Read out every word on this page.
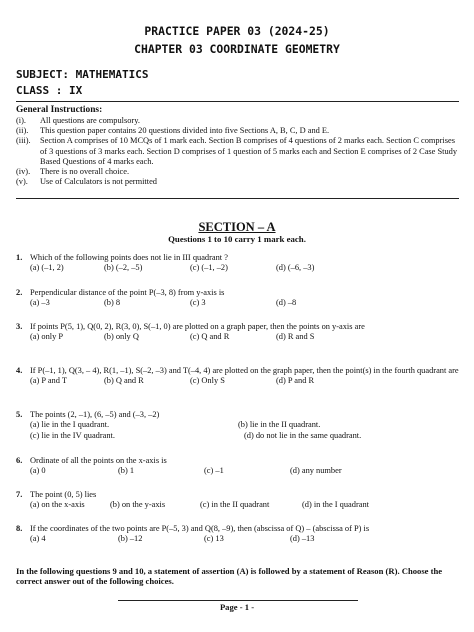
PRACTICE PAPER 03 (2024-25)
CHAPTER 03 COORDINATE GEOMETRY
SUBJECT: MATHEMATICS
CLASS : IX
General Instructions:
(i).	All questions are compulsory.
(ii).	This question paper contains 20 questions divided into five Sections A, B, C, D and E.
(iii).	Section A comprises of 10 MCQs of 1 mark each. Section B comprises of 4 questions of 2 marks each. Section C comprises of 3 questions of 3 marks each. Section D comprises of 1 question of 5 marks each and Section E comprises of 2 Case Study Based Questions of 4 marks each.
(iv).	There is no overall choice.
(v).	Use of Calculators is not permitted
SECTION – A
Questions 1 to 10 carry 1 mark each.
1. Which of the following points does not lie in III quadrant ?
(a) (–1, 2)	(b) (–2, –5)	(c) (–1, –2)	(d) (–6, –3)
2. Perpendicular distance of the point P(–3, 8) from y-axis is
(a) –3	(b) 8	(c) 3	(d) –8
3. If points P(5, 1), Q(0, 2), R(3, 0), S(–1, 0) are plotted on a graph paper, then the points on y-axis are
(a) only P	(b) only Q	(c) Q and R	(d) R and S
4. If P(–1, 1), Q(3, – 4), R(1, –1), S(–2, –3) and T(–4, 4) are plotted on the graph paper, then the point(s) in the fourth quadrant are
(a) P and T	(b) Q and R	(c) Only S	(d) P and R
5. The points (2, –1), (6, –5) and (–3, –2)
(a) lie in the I quadrant.	(b) lie in the II quadrant.
(c) lie in the IV quadrant.	(d) do not lie in the same quadrant.
6. Ordinate of all the points on the x-axis is
(a) 0	(b) 1	(c) –1	(d) any number
7. The point (0, 5) lies
(a) on the x-axis	(b) on the y-axis	(c) in the II quadrant	(d) in the I quadrant
8. If the coordinates of the two points are P(–5, 3) and Q(8, –9), then (abscissa of Q) – (abscissa of P) is
(a) 4	(b) –12	(c) 13	(d) –13
In the following questions 9 and 10, a statement of assertion (A) is followed by a statement of Reason (R). Choose the correct answer out of the following choices.
Page - 1 -
